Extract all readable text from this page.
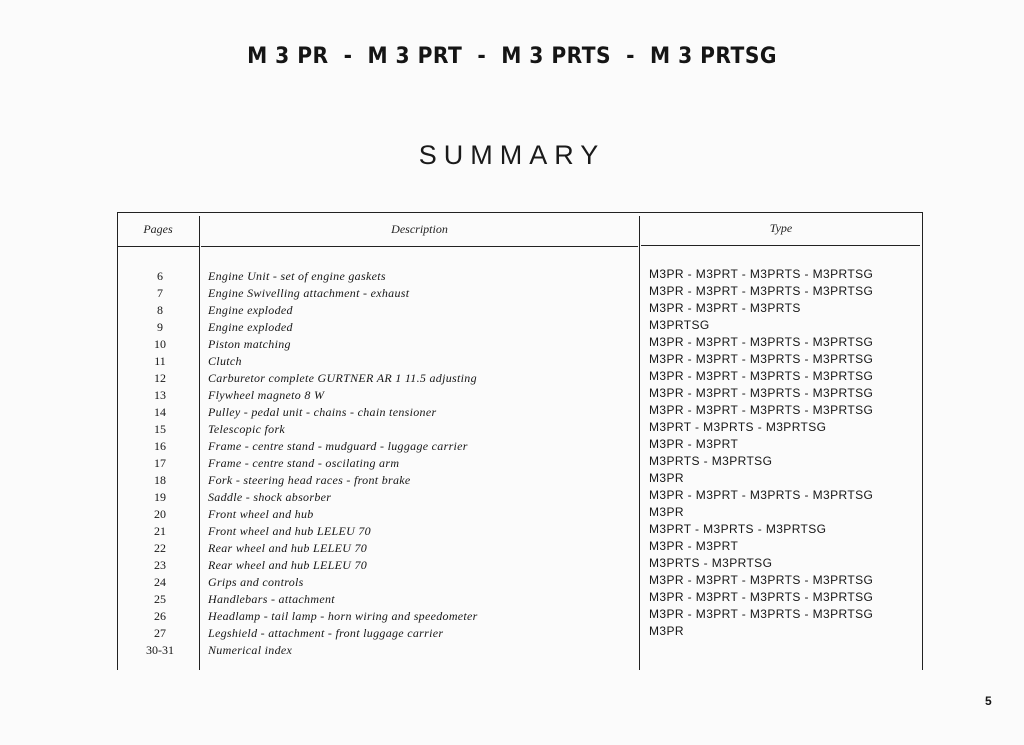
M 3 PR  -  M 3 PRT  -  M 3 PRTS  -  M 3 PRTSG
SUMMARY
Pages	Description	Type
6
7
8
9
10
11
12
13
14
15
16
17
18
19
20
21
22
23
24
25
26
27
30-31
Engine Unit - set of engine gaskets
Engine Swivelling attachment - exhaust
Engine exploded
Engine exploded
Piston matching
Clutch
Carburetor complete GURTNER AR 1 11.5 adjusting
Flywheel magneto 8 W
Pulley - pedal unit - chains - chain tensioner
Telescopic fork
Frame - centre stand - mudguard - luggage carrier
Frame - centre stand - oscilating arm
Fork - steering head races - front brake
Saddle - shock absorber
Front wheel and hub
Front wheel and hub LELEU 70
Rear wheel and hub LELEU 70
Rear wheel and hub LELEU 70
Grips and controls
Handlebars - attachment
Headlamp - tail lamp - horn wiring and speedometer
Legshield - attachment - front luggage carrier
Numerical index
M3PR - M3PRT - M3PRTS - M3PRTSG
M3PR - M3PRT - M3PRTS - M3PRTSG
M3PR - M3PRT - M3PRTS
M3PRTSG
M3PR - M3PRT - M3PRTS - M3PRTSG
M3PR - M3PRT - M3PRTS - M3PRTSG
M3PR - M3PRT - M3PRTS - M3PRTSG
M3PR - M3PRT - M3PRTS - M3PRTSG
M3PR - M3PRT - M3PRTS - M3PRTSG
M3PRT - M3PRTS - M3PRTSG
M3PR - M3PRT
M3PRTS - M3PRTSG
M3PR
M3PR - M3PRT - M3PRTS - M3PRTSG
M3PR
M3PRT - M3PRTS - M3PRTSG
M3PR - M3PRT
M3PRTS - M3PRTSG
M3PR - M3PRT - M3PRTS - M3PRTSG
M3PR - M3PRT - M3PRTS - M3PRTSG
M3PR - M3PRT - M3PRTS - M3PRTSG
M3PR
5
